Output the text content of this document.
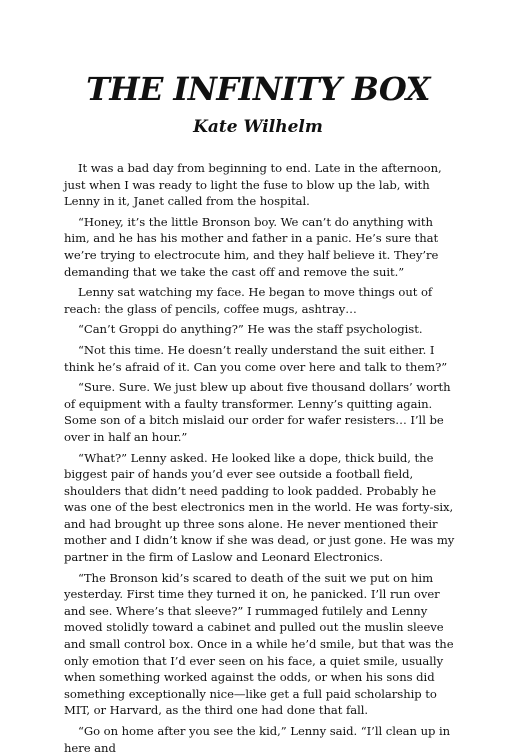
THE INFINITY BOX
Kate Wilhelm

It was a bad day from beginning to end. Late in the afternoon, just when I was ready to light the fuse to blow up the lab, with Lenny in it, Janet called from the hospital.

“Honey, it’s the little Bronson boy. We can’t do anything with him, and he has his mother and father in a panic. He’s sure that we’re trying to electrocute him, and they half believe it. They’re demanding that we take the cast off and remove the suit.”

Lenny sat watching my face. He began to move things out of reach: the glass of pencils, coffee mugs, ashtray…

“Can’t Groppi do anything?” He was the staff psychologist.

“Not this time. He doesn’t really understand the suit either. I think he’s afraid of it. Can you come over here and talk to them?”

“Sure. Sure. We just blew up about five thousand dollars’ worth of equipment with a faulty transformer. Lenny’s quitting again. Some son of a bitch mislaid our order for wafer resisters… I’ll be over in half an hour.”

“What?” Lenny asked. He looked like a dope, thick build, the biggest pair of hands you’d ever see outside a football field, shoulders that didn’t need padding to look padded. Probably he was one of the best electronics men in the world. He was forty-six, and had brought up three sons alone. He never mentioned their mother and I didn’t know if she was dead, or just gone. He was my partner in the firm of Laslow and Leonard Electronics.

“The Bronson kid’s scared to death of the suit we put on him yesterday. First time they turned it on, he panicked. I’ll run over and see. Where’s that sleeve?” I rummaged futilely and Lenny moved stolidly toward a cabinet and pulled out the muslin sleeve and small control box. Once in a while he’d smile, but that was the only emotion that I’d ever seen on his face, a quiet smile, usually when something worked against the odds, or when his sons did something exceptionally nice—like get a full paid scholarship to MIT, or Harvard, as the third one had done that fall.

“Go on home after you see the kid,” Lenny said. “I’ll clean up in here and
